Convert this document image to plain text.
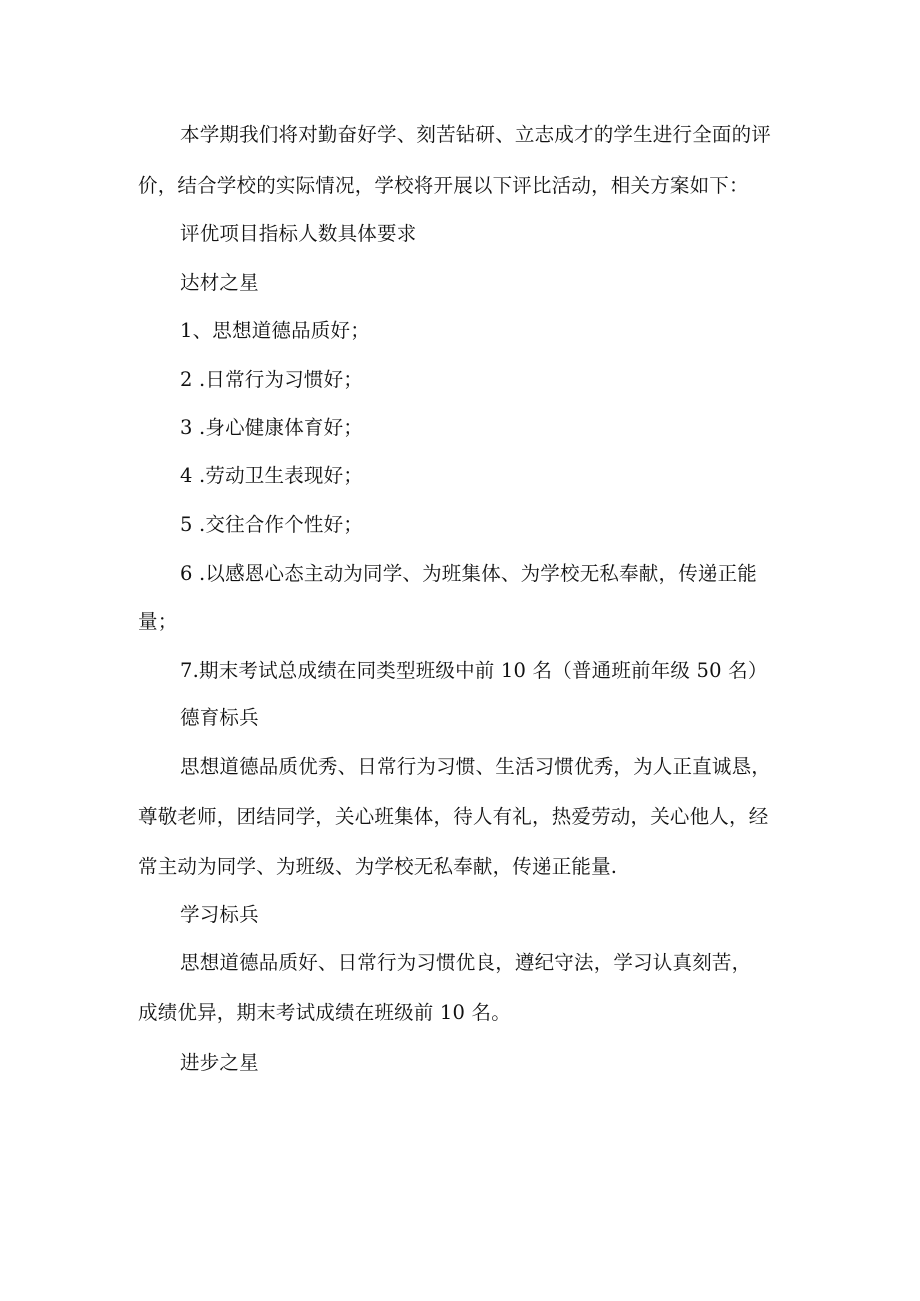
本学期我们将对勤奋好学、刻苦钻研、立志成才的学生进行全面的评
价，结合学校的实际情况，学校将开展以下评比活动，相关方案如下：
评优项目指标人数具体要求
达材之星
1、思想道德品质好；
2 .日常行为习惯好；
3 .身心健康体育好；
4 .劳动卫生表现好；
5 .交往合作个性好；
6 .以感恩心态主动为同学、为班集体、为学校无私奉献，传递正能
量；
7.期末考试总成绩在同类型班级中前 10 名（普通班前年级 50 名）
德育标兵
思想道德品质优秀、日常行为习惯、生活习惯优秀，为人正直诚恳，
尊敬老师，团结同学，关心班集体，待人有礼，热爱劳动，关心他人，经
常主动为同学、为班级、为学校无私奉献，传递正能量.
学习标兵
思想道德品质好、日常行为习惯优良，遵纪守法，学习认真刻苦，
成绩优异，期末考试成绩在班级前 10 名。
进步之星
